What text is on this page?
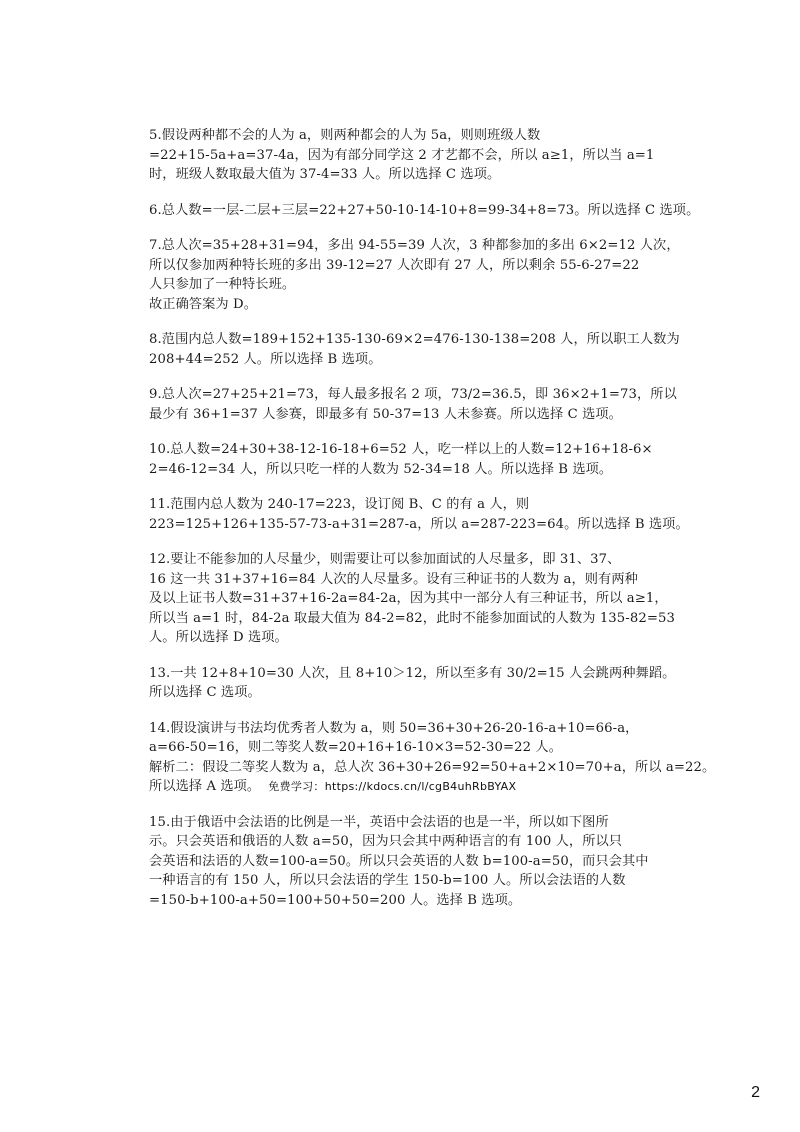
5.假设两种都不会的人为 a，则两种都会的人为 5a，则则班级人数
=22+15-5a+a=37-4a，因为有部分同学这 2 才艺都不会，所以 a≥1，所以当 a=1
时，班级人数取最大值为 37-4=33 人。所以选择 C 选项。
6.总人数=一层-二层+三层=22+27+50-10-14-10+8=99-34+8=73。所以选择 C 选项。
7.总人次=35+28+31=94，多出 94-55=39 人次，3 种都参加的多出 6×2=12 人次，
所以仅参加两种特长班的多出 39-12=27 人次即有 27 人，所以剩余 55-6-27=22
人只参加了一种特长班。
故正确答案为 D。
8.范围内总人数=189+152+135-130-69×2=476-130-138=208 人，所以职工人数为
208+44=252 人。所以选择 B 选项。
9.总人次=27+25+21=73，每人最多报名 2 项，73/2=36.5，即 36×2+1=73，所以
最少有 36+1=37 人参赛，即最多有 50-37=13 人未参赛。所以选择 C 选项。
10.总人数=24+30+38-12-16-18+6=52 人，吃一样以上的人数=12+16+18-6×
2=46-12=34 人，所以只吃一样的人数为 52-34=18 人。所以选择 B 选项。
11.范围内总人数为 240-17=223，设订阅 B、C 的有 a 人，则
223=125+126+135-57-73-a+31=287-a，所以 a=287-223=64。所以选择 B 选项。
12.要让不能参加的人尽量少，则需要让可以参加面试的人尽量多，即 31、37、
16 这一共 31+37+16=84 人次的人尽量多。设有三种证书的人数为 a，则有两种
及以上证书人数=31+37+16-2a=84-2a，因为其中一部分人有三种证书，所以 a≥1，
所以当 a=1 时，84-2a 取最大值为 84-2=82，此时不能参加面试的人数为 135-82=53
人。所以选择 D 选项。
13.一共 12+8+10=30 人次，且 8+10＞12，所以至多有 30/2=15 人会跳两种舞蹈。
所以选择 C 选项。
14.假设演讲与书法均优秀者人数为 a，则 50=36+30+26-20-16-a+10=66-a，
a=66-50=16，则二等奖人数=20+16+16-10×3=52-30=22 人。
解析二：假设二等奖人数为 a，总人次 36+30+26=92=50+a+2×10=70+a，所以 a=22。
所以选择 A 选项。 免费学习：https://kdocs.cn/l/cgB4uhRbBYAX
15.由于俄语中会法语的比例是一半，英语中会法语的也是一半，所以如下图所
示。只会英语和俄语的人数 a=50，因为只会其中两种语言的有 100 人，所以只
会英语和法语的人数=100-a=50。所以只会英语的人数 b=100-a=50，而只会其中
一种语言的有 150 人，所以只会法语的学生 150-b=100 人。所以会法语的人数
=150-b+100-a+50=100+50+50=200 人。选择 B 选项。
2
